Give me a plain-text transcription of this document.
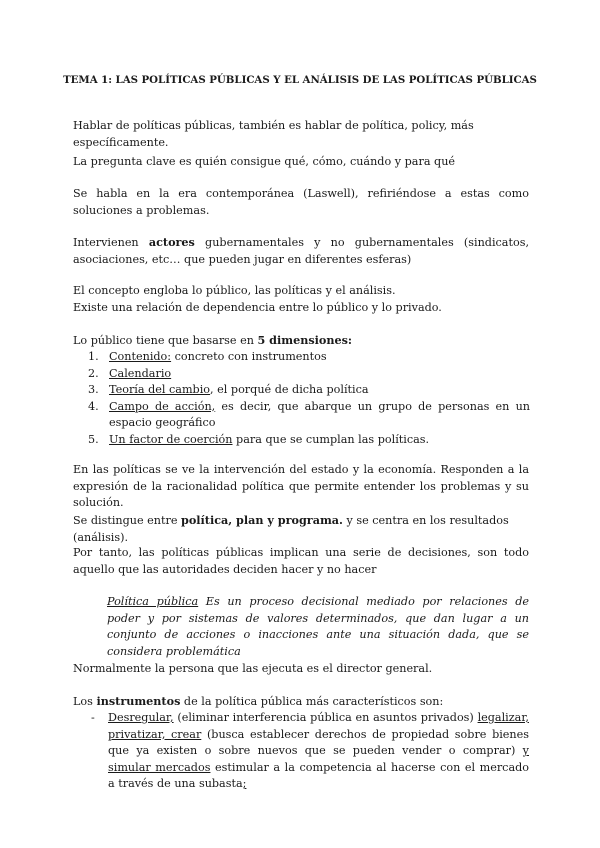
TEMA 1: LAS POLÍTICAS PÚBLICAS Y EL ANÁLISIS DE LAS POLÍTICAS PÚBLICAS

Hablar de políticas públicas, también es hablar de política, policy, más específicamente.

La pregunta clave es quién consigue qué, cómo, cuándo y para qué

Se habla en la era contemporánea (Laswell), refiriéndose a estas como soluciones a problemas.

Intervienen actores gubernamentales y no gubernamentales (sindicatos, asociaciones, etc… que pueden jugar en diferentes esferas)

El concepto engloba lo público, las políticas y el análisis.
Existe una relación de dependencia entre lo público y lo privado.

Lo público tiene que basarse en 5 dimensiones:

1. Contenido: concreto con instrumentos
2. Calendario
3. Teoría del cambio, el porqué de dicha política
4. Campo de acción, es decir, que abarque un grupo de personas en un espacio geográfico
5. Un factor de coerción para que se cumplan las políticas.

En las políticas se ve la intervención del estado y la economía. Responden a la expresión de la racionalidad política que permite entender los problemas y su solución.

Se distingue entre política, plan y programa. y se centra en los resultados (análisis).

Por tanto, las políticas públicas implican una serie de decisiones, son todo aquello que las autoridades deciden hacer y no hacer

Política pública Es un proceso decisional mediado por relaciones de poder y por sistemas de valores determinados, que dan lugar a un conjunto de acciones o inacciones ante una situación dada, que se considera problemática

Normalmente la persona que las ejecuta es el director general.

Los instrumentos de la política pública más característicos son:

- Desregular, (eliminar interferencia pública en asuntos privados) legalizar, privatizar, crear (busca establecer derechos de propiedad sobre bienes que ya existen o sobre nuevos que se pueden vender o comprar) y simular mercados estimular a la competencia al hacerse con el mercado a través de una subasta;
